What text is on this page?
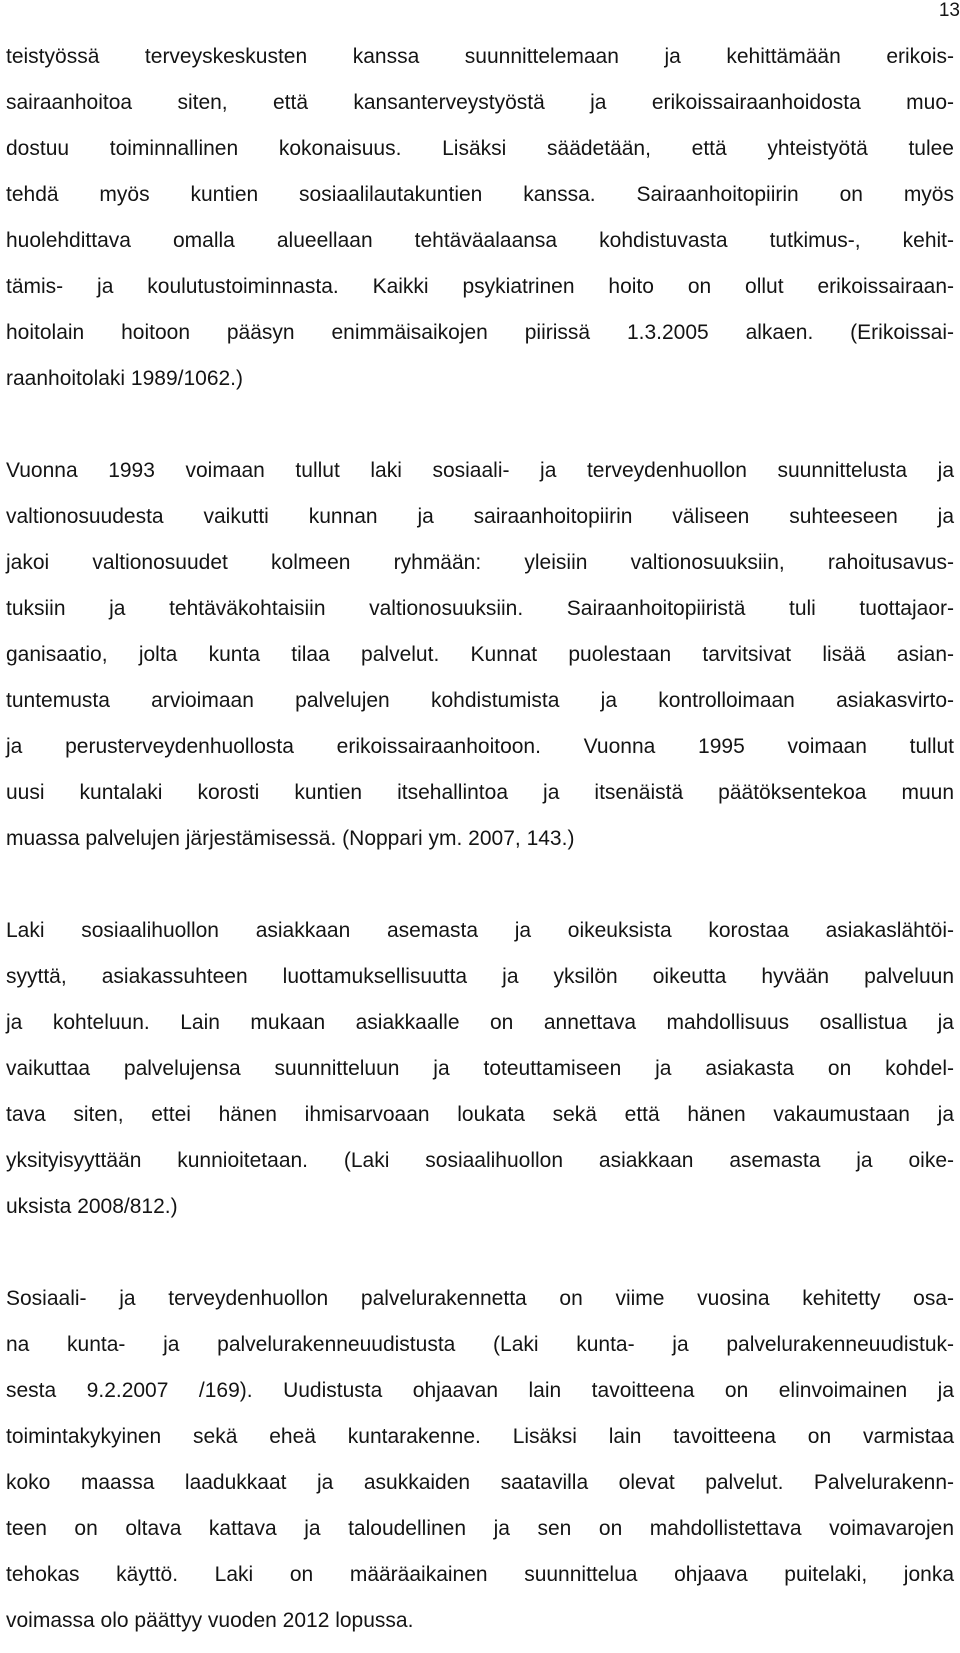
13
teistyössä terveyskeskusten kanssa suunnittelemaan ja kehittämään erikois-
sairaanhoitoa siten, että kansanterveystyöstä ja erikoissairaanhoidosta muo-
dostuu toiminnallinen kokonaisuus. Lisäksi säädetään, että yhteistyötä tulee
tehdä myös kuntien sosiaalilautakuntien kanssa. Sairaanhoitopiirin on myös
huolehdittava omalla alueellaan tehtäväalaansa kohdistuvasta tutkimus-, kehit-
tämis- ja koulutustoiminnasta. Kaikki psykiatrinen hoito on ollut erikoissairaan-
hoitolain hoitoon pääsyn enimmäisaikojen piirissä 1.3.2005 alkaen. (Erikoissai-
raanhoitolaki 1989/1062.)
Vuonna 1993 voimaan tullut laki sosiaali- ja terveydenhuollon suunnittelusta ja
valtionosuudesta vaikutti kunnan ja sairaanhoitopiirin väliseen suhteeseen ja
jakoi valtionosuudet kolmeen ryhmään: yleisiin valtionosuuksiin, rahoitusavus-
tuksiin ja tehtäväkohtaisiin valtionosuuksiin. Sairaanhoitopiiristä tuli tuottajaor-
ganisaatio, jolta kunta tilaa palvelut. Kunnat puolestaan tarvitsivat lisää asian-
tuntemusta arvioimaan palvelujen kohdistumista ja kontrolloimaan asiakasvirto-
ja perusterveydenhuollosta erikoissairaanhoitoon. Vuonna 1995 voimaan tullut
uusi kuntalaki korosti kuntien itsehallintoa ja itsenäistä päätöksentekoa muun
muassa palvelujen järjestämisessä. (Noppari ym. 2007, 143.)
Laki sosiaalihuollon asiakkaan asemasta ja oikeuksista korostaa asiakaslähtöi-
syyttä, asiakassuhteen luottamuksellisuutta ja yksilön oikeutta hyvään palveluun
ja kohteluun. Lain mukaan asiakkaalle on annettava mahdollisuus osallistua ja
vaikuttaa palvelujensa suunnitteluun ja toteuttamiseen ja asiakasta on kohdel-
tava siten, ettei hänen ihmisarvoaan loukata sekä että hänen vakaumustaan ja
yksityisyyttään kunnioitetaan. (Laki sosiaalihuollon asiakkaan asemasta ja oike-
uksista 2008/812.)
Sosiaali- ja terveydenhuollon palvelurakennetta on viime vuosina kehitetty osa-
na kunta- ja palvelurakenneuudistusta (Laki kunta- ja palvelurakenneuudistuk-
sesta 9.2.2007 /169). Uudistusta ohjaavan lain tavoitteena on elinvoimainen ja
toimintakykyinen sekä eheä kuntarakenne. Lisäksi lain tavoitteena on varmistaa
koko maassa laadukkaat ja asukkaiden saatavilla olevat palvelut. Palvelurakenn-
teen on oltava kattava ja taloudellinen ja sen on mahdollistettava voimavarojen
tehokas käyttö. Laki on määräaikainen suunnittelua ohjaava puitelaki, jonka
voimassa olo päättyy vuoden 2012 lopussa.
